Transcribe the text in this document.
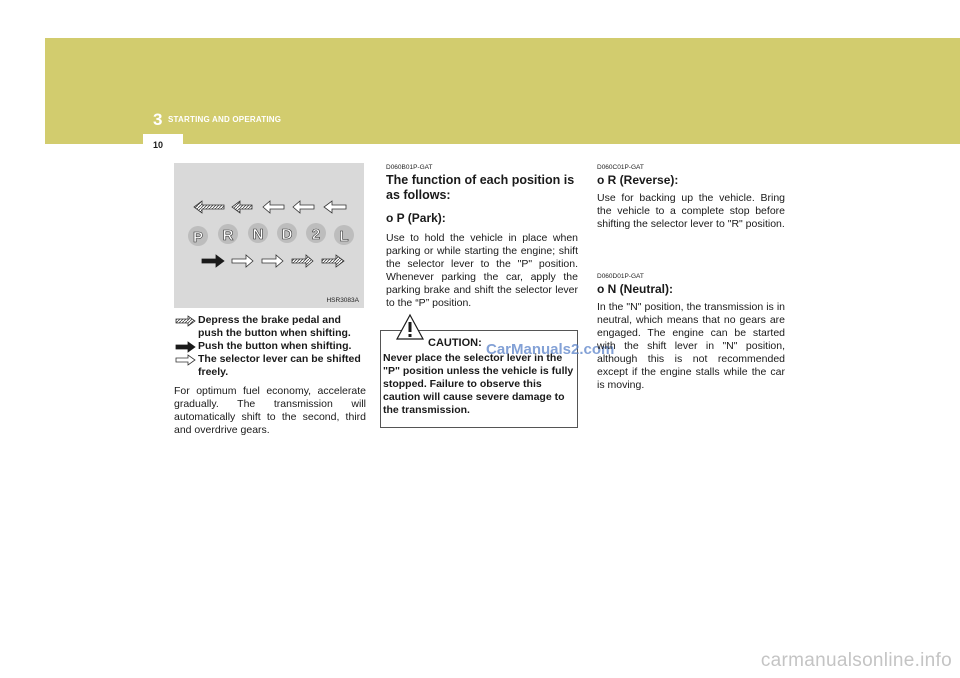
3 STARTING AND OPERATING
10
P R N D 2 L
HSR3083A
Depress the brake pedal and push the button when shifting.
Push the button when shifting.
The selector lever can be shifted freely.
For optimum fuel economy, accelerate gradually. The transmission will automatically shift to the second, third and overdrive gears.
D060B01P-GAT
The function of each position is as follows:
o P (Park):
Use to hold the vehicle in place when parking or while starting the engine; shift the selector lever to the "P" position. Whenever parking the car, apply the parking brake and shift the selector lever to the “P” position.
CAUTION:
Never place the selector lever in the "P" position unless the vehicle is fully stopped. Failure to observe this caution will cause severe damage to the transmission.
CarManuals2.com
D060C01P-GAT
o R (Reverse):
Use for backing up the vehicle. Bring the vehicle to a complete stop before shifting the selector lever to "R" position.
D060D01P-GAT
o N (Neutral):
In the "N" position, the transmission is in neutral, which means that no gears are engaged. The engine can be started with the shift lever in "N" position, although this is not recommended except if the engine stalls while the car is moving.
carmanualsonline.info
